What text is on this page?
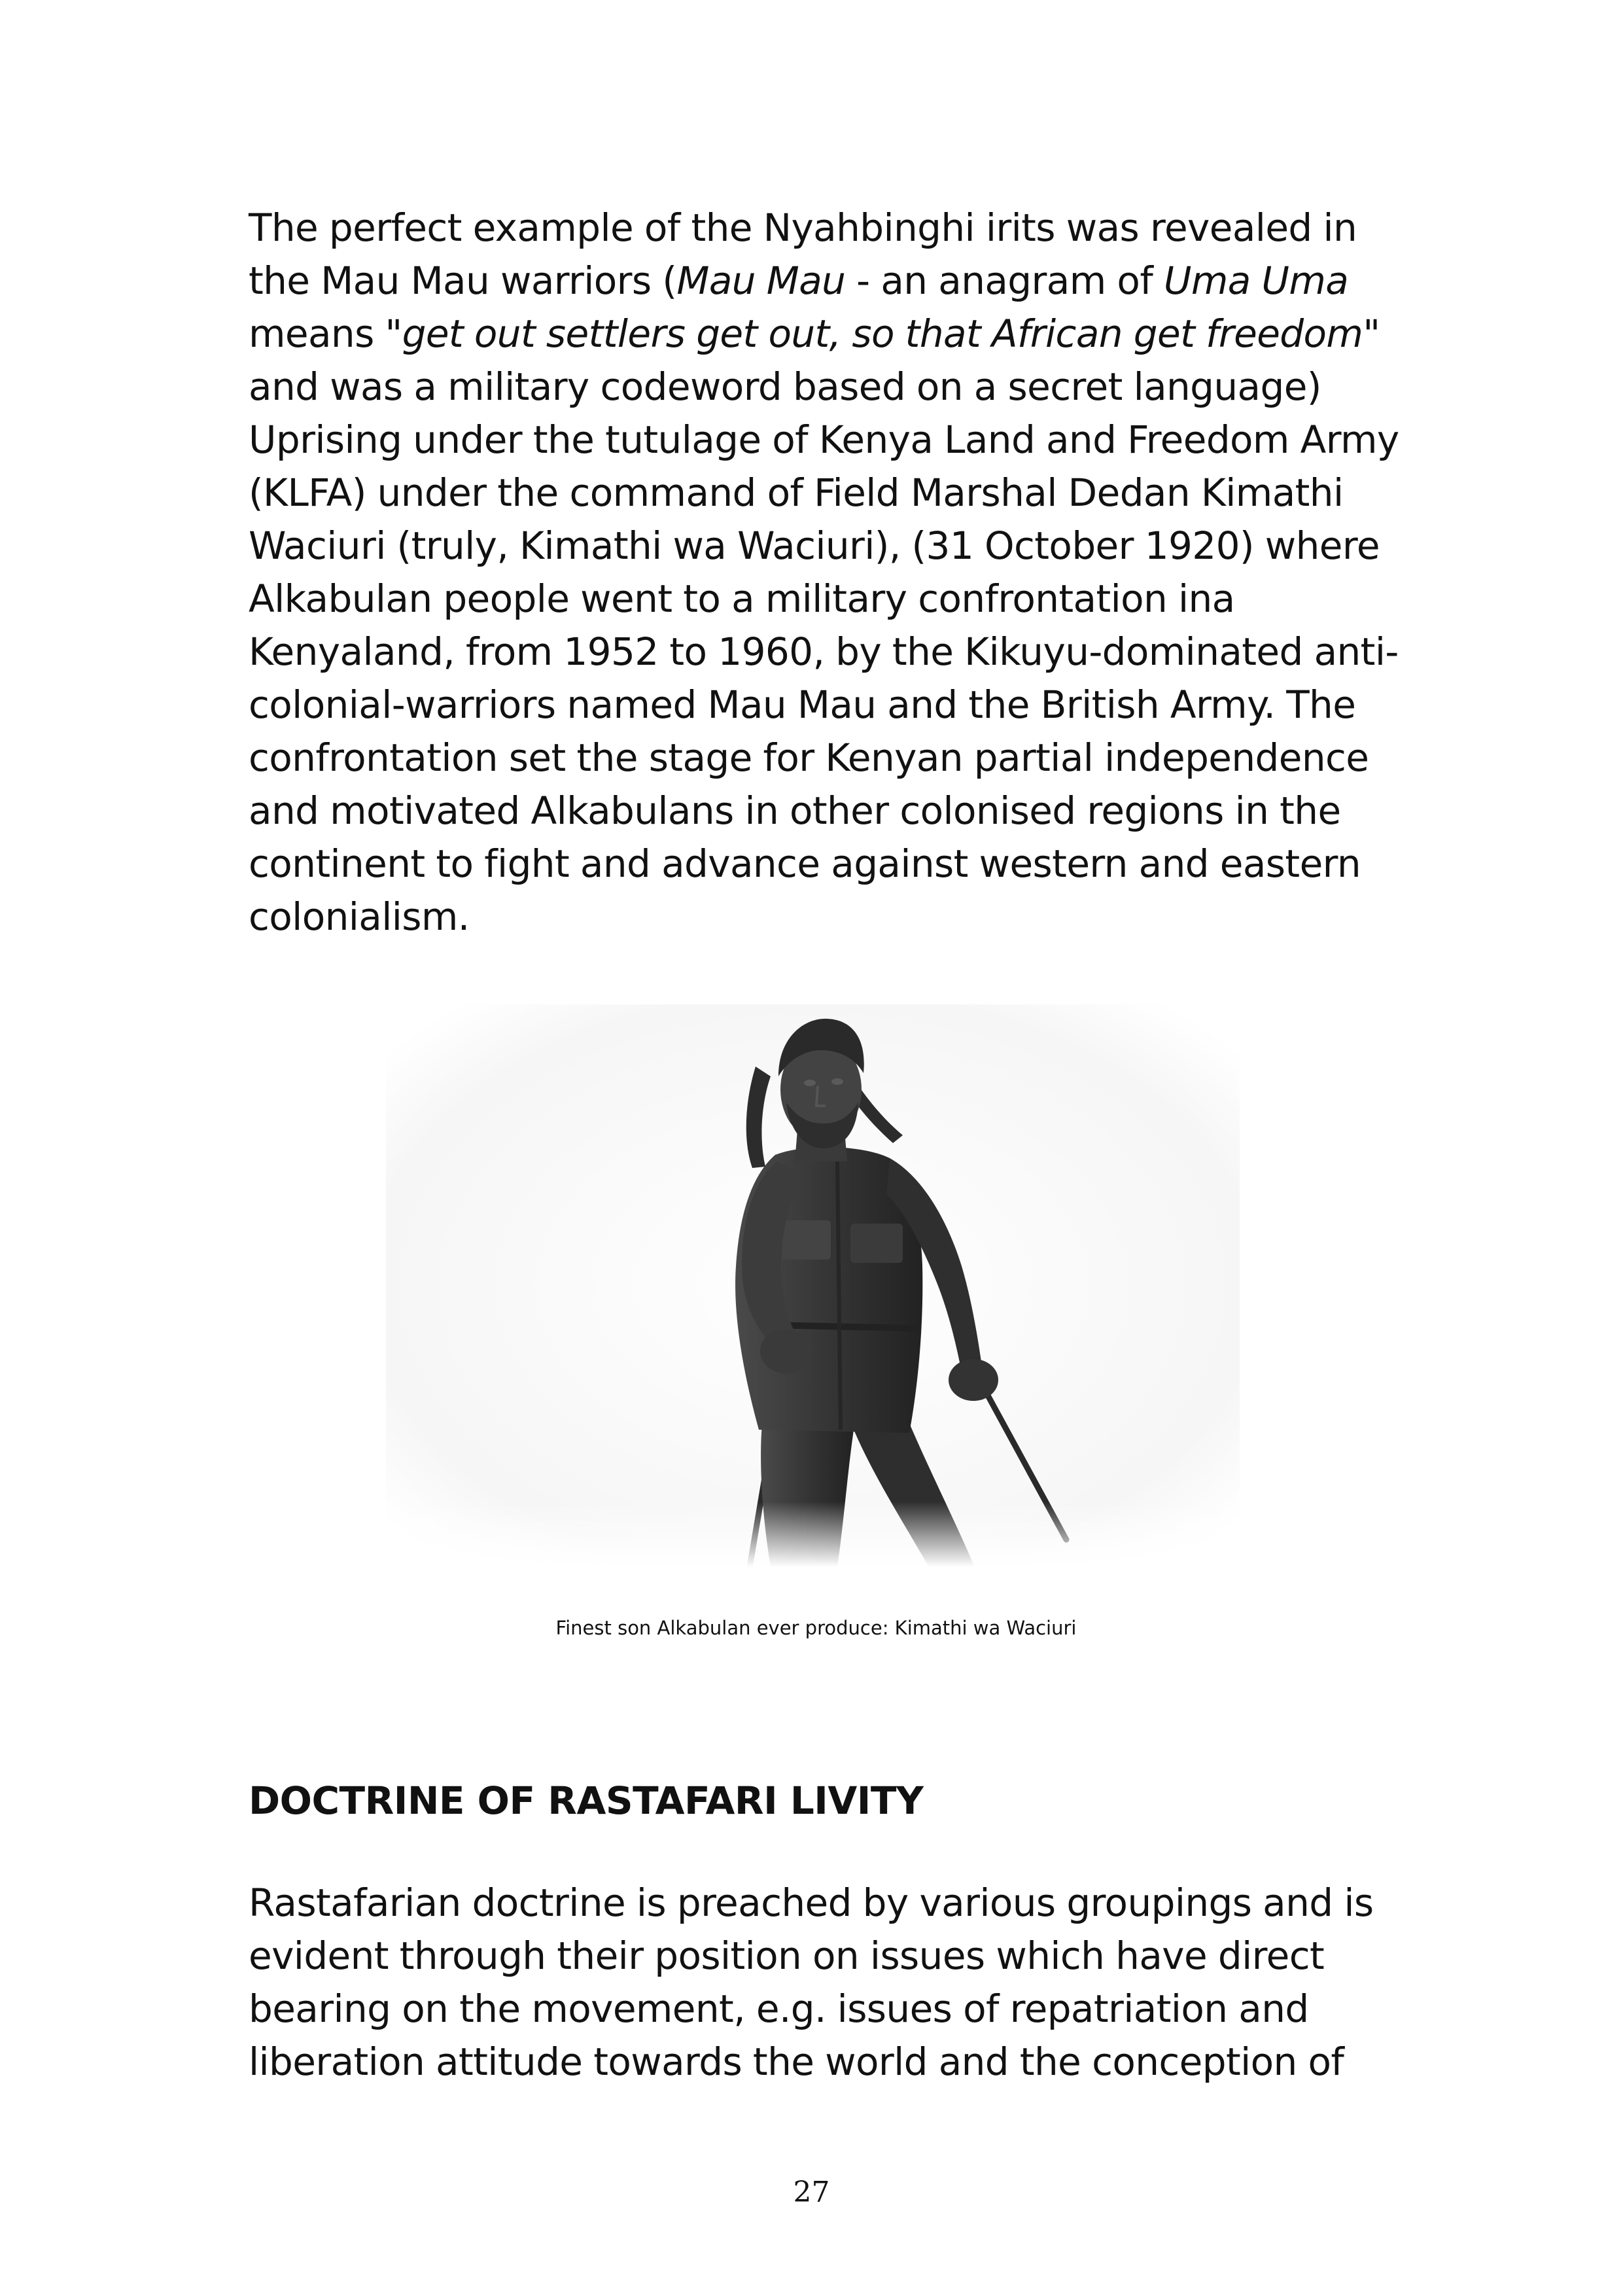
The perfect example of the Nyahbinghi irits was revealed in
the Mau Mau warriors (Mau Mau - an anagram of Uma Uma
means "get out settlers get out, so that African get freedom"
and was a military codeword based on a secret language)
Uprising under the tutulage of Kenya Land and Freedom Army
(KLFA) under the command of Field Marshal Dedan Kimathi
Waciuri (truly, Kimathi wa Waciuri), (31 October 1920) where
Alkabulan people went to a military confrontation ina
Kenyaland, from 1952 to 1960, by the Kikuyu-dominated anti-
colonial-warriors named Mau Mau and the British Army. The
confrontation set the stage for Kenyan partial independence
and motivated Alkabulans in other colonised regions in the
continent to fight and advance against western and eastern
colonialism.

Finest son Alkabulan ever produce: Kimathi wa Waciuri

DOCTRINE OF RASTAFARI LIVITY

Rastafarian doctrine is preached by various groupings and is
evident through their position on issues which have direct
bearing on the movement, e.g. issues of repatriation and
liberation attitude towards the world and the conception of

27
